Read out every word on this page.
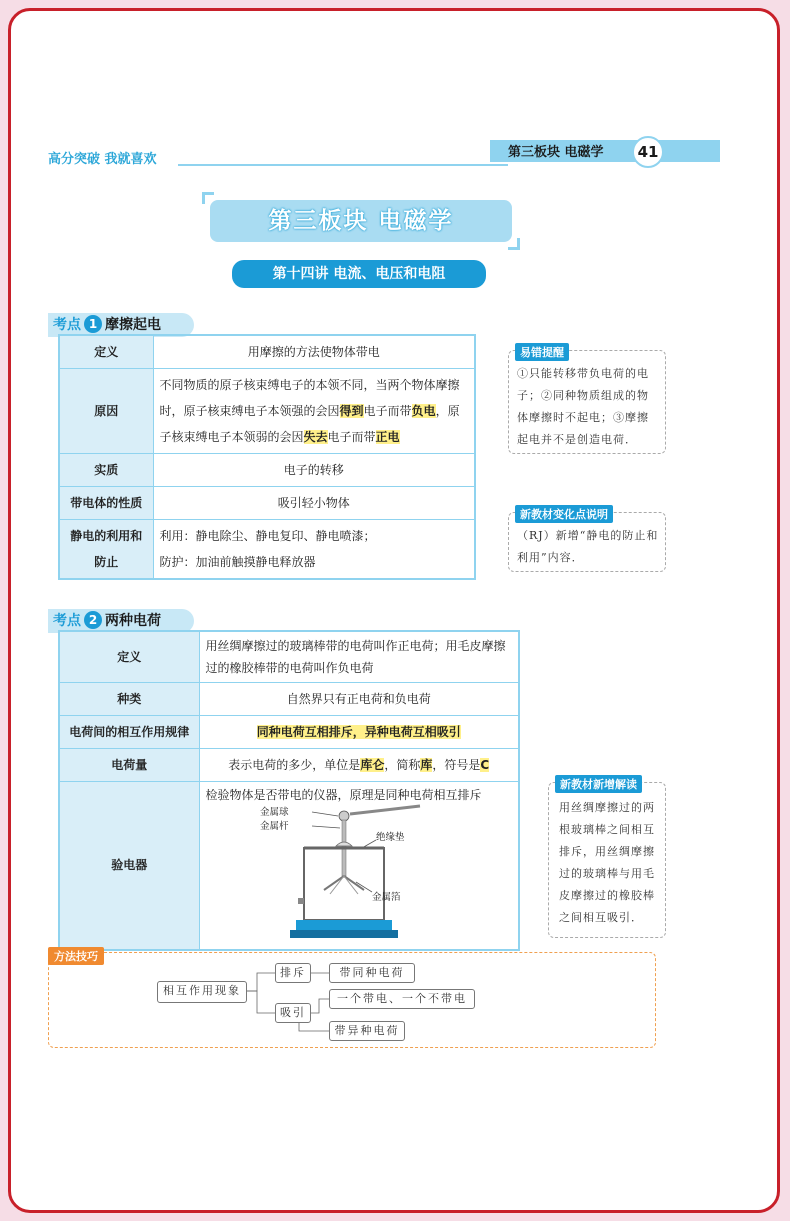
高分突破 我就喜欢	第三板块 电磁学	41
第三板块 电磁学
第十四讲 电流、电压和电阻
考点 1 摩擦起电
定义	用摩擦的方法使物体带电
原因	不同物质的原子核束缚电子的本领不同，当两个物体摩擦时，原子核束缚电子本领强的会因得到电子而带负电，原子核束缚电子本领弱的会因失去电子而带正电
实质	电子的转移
带电体的性质	吸引轻小物体
静电的利用和防止	利用：静电除尘、静电复印、静电喷漆；
防护：加油前触摸静电释放器
易错提醒
①只能转移带负电荷的电子；②同种物质组成的物体摩擦时不起电；③摩擦起电并不是创造电荷．
新教材变化点说明
（RJ）新增“静电的防止和利用”内容．
考点 2 两种电荷
定义	用丝绸摩擦过的玻璃棒带的电荷叫作正电荷；用毛皮摩擦过的橡胶棒带的电荷叫作负电荷
种类	自然界只有正电荷和负电荷
电荷间的相互作用规律	同种电荷互相排斥，异种电荷互相吸引
电荷量	表示电荷的多少，单位是库仑，简称库，符号是C
验电器	检验物体是否带电的仪器，原理是同种电荷相互排斥
金属球
金属杆
绝缘垫
金属箔
新教材新增解读
用丝绸摩擦过的两根玻璃棒之间相互排斥，用丝绸摩擦过的玻璃棒与用毛皮摩擦过的橡胶棒之间相互吸引．
方法技巧
相互作用现象
排斥	带同种电荷
吸引
一个带电、一个不带电
带异种电荷
